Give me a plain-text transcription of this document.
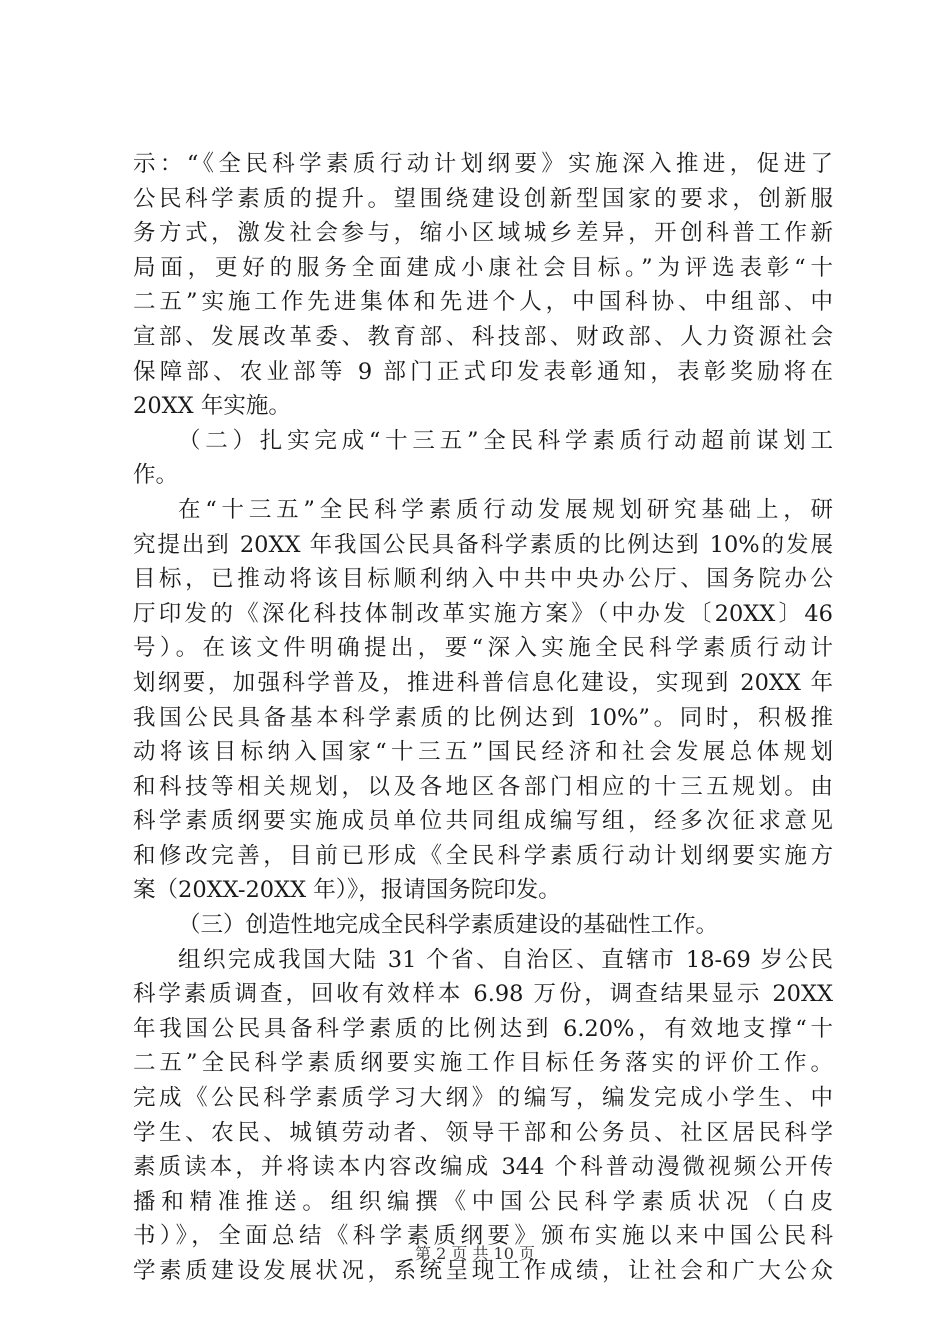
示：“《全民科学素质行动计划纲要》实施深入推进，促进了
公民科学素质的提升。望围绕建设创新型国家的要求，创新服
务方式，激发社会参与，缩小区域城乡差异，开创科普工作新
局面，更好的服务全面建成小康社会目标。”为评选表彰“十
二五”实施工作先进集体和先进个人，中国科协、中组部、中
宣部、发展改革委、教育部、科技部、财政部、人力资源社会
保障部、农业部等 9 部门正式印发表彰通知，表彰奖励将在
20XX 年实施。
（二）扎实完成“十三五”全民科学素质行动超前谋划工
作。
在“十三五”全民科学素质行动发展规划研究基础上，研
究提出到 20XX 年我国公民具备科学素质的比例达到 10%的发展
目标，已推动将该目标顺利纳入中共中央办公厅、国务院办公
厅印发的《深化科技体制改革实施方案》（中办发〔20XX〕46
号）。在该文件明确提出，要“深入实施全民科学素质行动计
划纲要，加强科学普及，推进科普信息化建设，实现到 20XX 年
我国公民具备基本科学素质的比例达到 10%”。同时，积极推
动将该目标纳入国家“十三五”国民经济和社会发展总体规划
和科技等相关规划，以及各地区各部门相应的十三五规划。由
科学素质纲要实施成员单位共同组成编写组，经多次征求意见
和修改完善，目前已形成《全民科学素质行动计划纲要实施方
案（20XX-20XX 年）》，报请国务院印发。
（三）创造性地完成全民科学素质建设的基础性工作。
组织完成我国大陆 31 个省、自治区、直辖市 18-69 岁公民
科学素质调查，回收有效样本 6.98 万份，调查结果显示 20XX
年我国公民具备科学素质的比例达到 6.20%，有效地支撑“十
二五”全民科学素质纲要实施工作目标任务落实的评价工作。
完成《公民科学素质学习大纲》的编写，编发完成小学生、中
学生、农民、城镇劳动者、领导干部和公务员、社区居民科学
素质读本，并将读本内容改编成 344 个科普动漫微视频公开传
播和精准推送。组织编撰《中国公民科学素质状况（白皮
书）》，全面总结《科学素质纲要》颁布实施以来中国公民科
学素质建设发展状况，系统呈现工作成绩，让社会和广大公众
第 2 页 共 10 页
